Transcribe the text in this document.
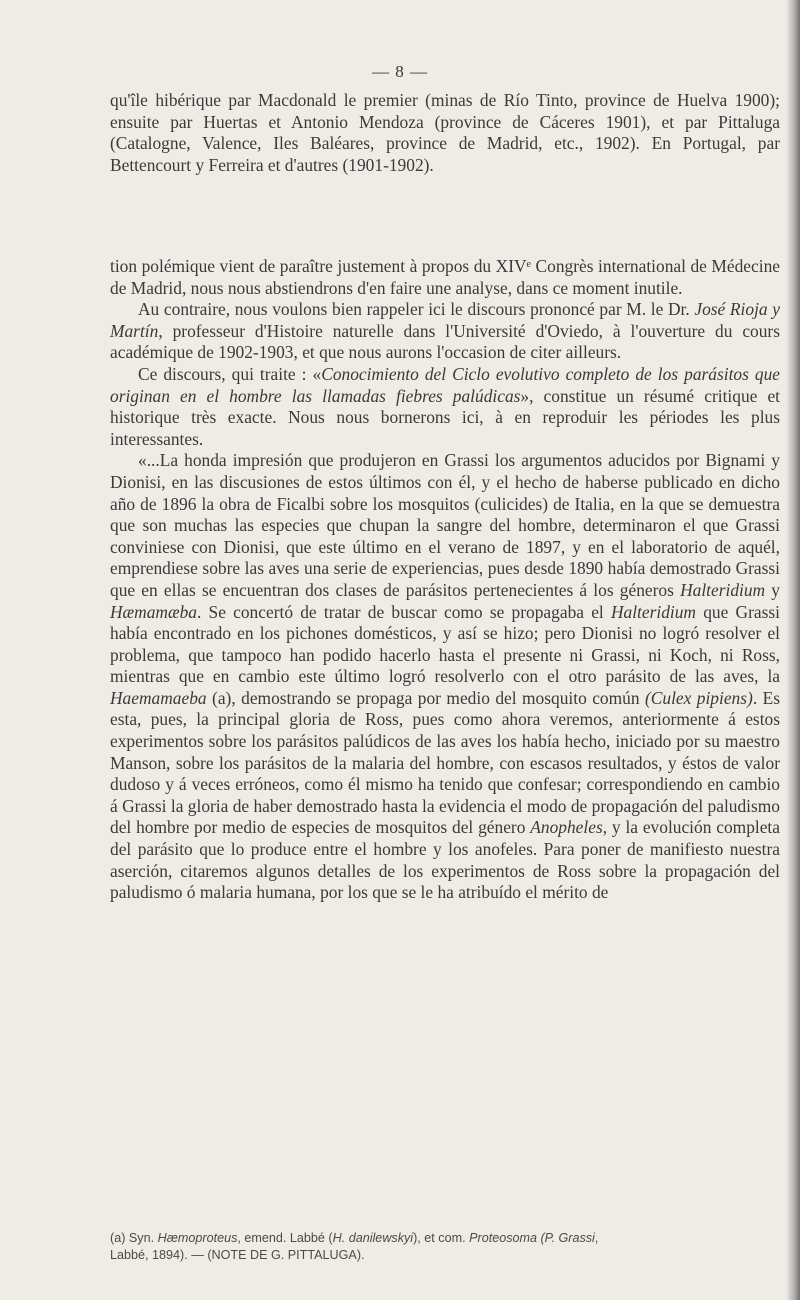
— 8 —

qu'île hibérique par Macdonald le premier (minas de Río Tinto, province de Huelva 1900); ensuite par Huertas et Antonio Mendoza (province de Cáceres 1901), et par Pittaluga (Catalogne, Valence, Iles Baléares, province de Madrid, etc., 1902). En Portugal, par Bettencourt y Ferreira et d'autres (1901-1902).

tion polémique vient de paraître justement à propos du XIVᵉ Congrès international de Médecine de Madrid, nous nous abstiendrons d'en faire une analyse, dans ce moment inutile.

Au contraire, nous voulons bien rappeler ici le discours prononcé par M. le Dr. José Rioja y Martín, professeur d'Histoire naturelle dans l'Université d'Oviedo, à l'ouverture du cours académique de 1902-1903, et que nous aurons l'occasion de citer ailleurs.

Ce discours, qui traite : «Conocimiento del Ciclo evolutivo completo de los parásitos que originan en el hombre las llamadas fiebres palúdicas», constitue un résumé critique et historique très exacte. Nous nous bornerons ici, à en reproduir les périodes les plus interessantes.

«...La honda impresión que produjeron en Grassi los argumentos aducidos por Bignami y Dionisi, en las discusiones de estos últimos con él, y el hecho de haberse publicado en dicho año de 1896 la obra de Ficalbi sobre los mosquitos (culicides) de Italia, en la que se demuestra que son muchas las especies que chupan la sangre del hombre, determinaron el que Grassi conviniese con Dionisi, que este último en el verano de 1897, y en el laboratorio de aquél, emprendiese sobre las aves una serie de experiencias, pues desde 1890 había demostrado Grassi que en ellas se encuentran dos clases de parásitos pertenecientes á los géneros Halteridium y Hæmamæba. Se concertó de tratar de buscar como se propagaba el Halteridium que Grassi había encontrado en los pichones domésticos, y así se hizo; pero Dionisi no logró resolver el problema, que tampoco han podido hacerlo hasta el presente ni Grassi, ni Koch, ni Ross, mientras que en cambio este último logró resolverlo con el otro parásito de las aves, la Haemamaeba (a), demostrando se propaga por medio del mosquito común (Culex pipiens). Es esta, pues, la principal gloria de Ross, pues como ahora veremos, anteriormente á estos experimentos sobre los parásitos palúdicos de las aves los había hecho, iniciado por su maestro Manson, sobre los parásitos de la malaria del hombre, con escasos resultados, y éstos de valor dudoso y á veces erróneos, como él mismo ha tenido que confesar; correspondiendo en cambio á Grassi la gloria de haber demostrado hasta la evidencia el modo de propagación del paludismo del hombre por medio de especies de mosquitos del género Anopheles, y la evolución completa del parásito que lo produce entre el hombre y los anofeles. Para poner de manifiesto nuestra aserción, citaremos algunos detalles de los experimentos de Ross sobre la propagación del paludismo ó malaria humana, por los que se le ha atribuído el mérito de

(a) Syn. Hæmoproteus, emend. Labbé (H. danilewskyi), et com. Proteosoma (P. Grassi,
Labbé, 1894). — (NOTE DE G. PITTALUGA).
